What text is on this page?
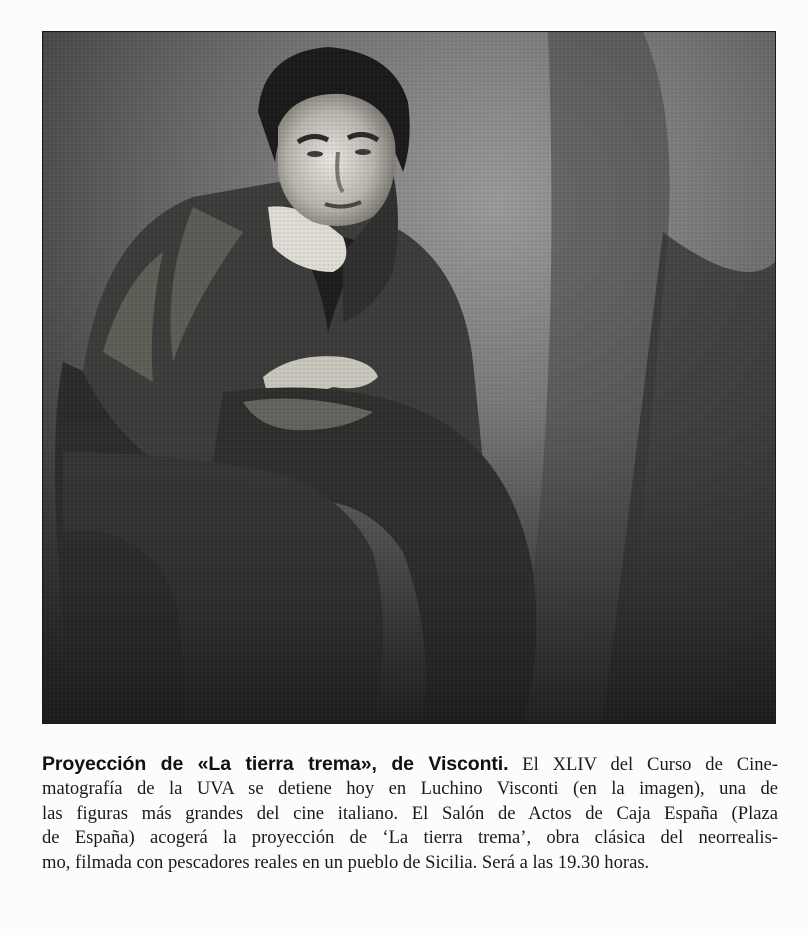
Proyección de «La tierra trema», de Visconti. El XLIV del Curso de Cine-
matografía de la UVA se detiene hoy en Luchino Visconti (en la imagen), una de
las figuras más grandes del cine italiano. El Salón de Actos de Caja España (Plaza
de España) acogerá la proyección de ‘La tierra trema’, obra clásica del neorrealis-
mo, filmada con pescadores reales en un pueblo de Sicilia. Será a las 19.30 horas.
